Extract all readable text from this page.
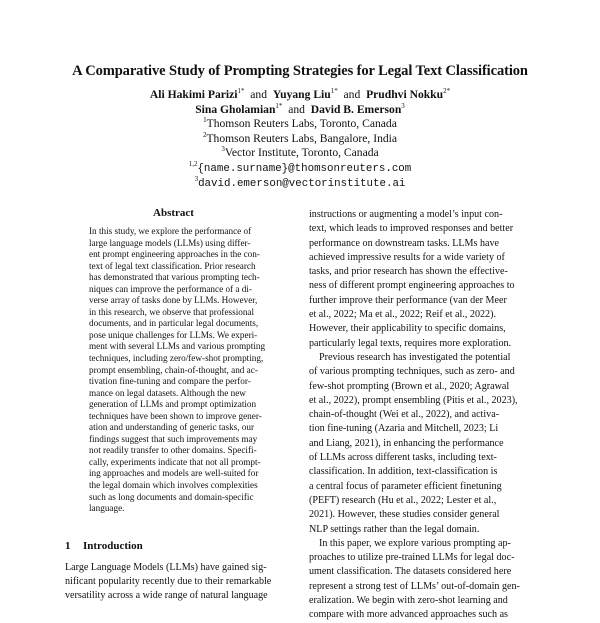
A Comparative Study of Prompting Strategies for Legal Text Classification
Ali Hakimi Parizi$^{1*}$ and Yuyang Liu$^{1*}$ and Prudhvi Nokku$^{2*}$
Sina Gholamian$^{1*}$ and David B. Emerson$^3$
$^1$Thomson Reuters Labs, Toronto, Canada
$^2$Thomson Reuters Labs, Bangalore, India
$^3$Vector Institute, Toronto, Canada
$^{1,2}${name.surname}@thomsonreuters.com
$^3$david.emerson@vectorinstitute.ai
Abstract
In this study, we explore the performance of
large language models (LLMs) using differ-
ent prompt engineering approaches in the con-
text of legal text classification. Prior research
has demonstrated that various prompting tech-
niques can improve the performance of a di-
verse array of tasks done by LLMs. However,
in this research, we observe that professional
documents, and in particular legal documents,
pose unique challenges for LLMs. We experi-
ment with several LLMs and various prompting
techniques, including zero/few-shot prompting,
prompt ensembling, chain-of-thought, and ac-
tivation fine-tuning and compare the perfor-
mance on legal datasets. Although the new
generation of LLMs and prompt optimization
techniques have been shown to improve gener-
ation and understanding of generic tasks, our
findings suggest that such improvements may
not readily transfer to other domains. Specifi-
cally, experiments indicate that not all prompt-
ing approaches and models are well-suited for
the legal domain which involves complexities
such as long documents and domain-specific
language.
1 Introduction
Large Language Models (LLMs) have gained sig-
nificant popularity recently due to their remarkable
versatility across a wide range of natural language
instructions or augmenting a model’s input con-
text, which leads to improved responses and better
performance on downstream tasks. LLMs have
achieved impressive results for a wide variety of
tasks, and prior research has shown the effective-
ness of different prompt engineering approaches to
further improve their performance (van der Meer
et al., 2022; Ma et al., 2022; Reif et al., 2022).
However, their applicability to specific domains,
particularly legal texts, requires more exploration.
Previous research has investigated the potential
of various prompting techniques, such as zero- and
few-shot prompting (Brown et al., 2020; Agrawal
et al., 2022), prompt ensembling (Pitis et al., 2023),
chain-of-thought (Wei et al., 2022), and activa-
tion fine-tuning (Azaria and Mitchell, 2023; Li
and Liang, 2021), in enhancing the performance
of LLMs across different tasks, including text-
classification. In addition, text-classification is
a central focus of parameter efficient finetuning
(PEFT) research (Hu et al., 2022; Lester et al.,
2021). However, these studies consider general
NLP settings rather than the legal domain.
In this paper, we explore various prompting ap-
proaches to utilize pre-trained LLMs for legal doc-
ument classification. The datasets considered here
represent a strong test of LLMs’ out-of-domain gen-
eralization. We begin with zero-shot learning and
compare with more advanced approaches such as
